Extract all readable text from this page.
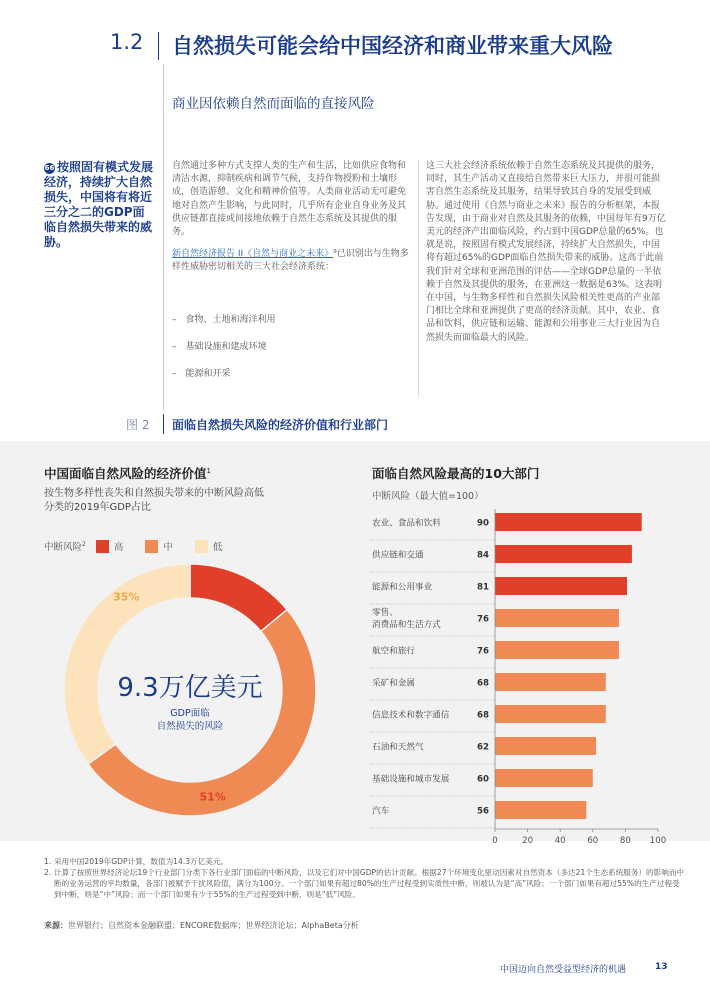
1.2 自然损失可能会给中国经济和商业带来重大风险
商业因依赖自然而面临的直接风险
66 按照固有模式发展经济，持续扩大自然损失，中国将有将近三分之二的GDP面临自然损失带来的威胁。
自然通过多种方式支撑人类的生产和生活，比如供应食物和清洁水源，抑制疾病和调节气候，支持作物授粉和土壤形成，创造游憩、文化和精神价值等。人类商业活动无可避免地对自然产生影响，与此同时，几乎所有企业自身业务及其供应链都直接或间接地依赖于自然生态系统及其提供的服务。
新自然经济报告 II《自然与商业之未来》⁹已识别出与生物多样性威胁密切相关的三大社会经济系统：
–　食物、土地和海洋利用
–　基础设施和建成环境
–　能源和开采
这三大社会经济系统依赖于自然生态系统及其提供的服务，同时，其生产活动又直接给自然带来巨大压力，并很可能损害自然生态系统及其服务，结果导致其自身的发展受到威胁。通过使用《自然与商业之未来》报告的分析框架，本报告发现，由于商业对自然及其服务的依赖，中国每年有9万亿美元的经济产出面临风险，约占到中国GDP总量的65%。也就是说，按照固有模式发展经济，持续扩大自然损失，中国将有超过65%的GDP面临自然损失带来的威胁。这高于此前我们针对全球和亚洲范围的评估——全球GDP总量的一半依赖于自然及其提供的服务，在亚洲这一数据是63%。这表明在中国，与生物多样性和自然损失风险相关性更高的产业部门相比全球和亚洲提供了更高的经济贡献。其中，农业、食品和饮料，供应链和运输、能源和公用事业三大行业因为自然损失而面临最大的风险。
图 2 面临自然损失风险的经济价值和行业部门
中国面临自然风险的经济价值$^1$
按生物多样性丧失和自然损失带来的中断风险高低分类的2019年GDP占比
中断风险$^2$	高	中	低
14%
51%
35%
9.3万亿美元
GDP面临
自然损失的风险
面临自然风险最高的10大部门
中断风险（最大值=100）
农业、食品和饮料	90
供应链和交通	84
能源和公用事业	81
零售、
消费品和生活方式
76
航空和旅行	76
采矿和金属	68
信息技术和数字通信	68
石油和天然气	62
基础设施和城市发展	60
汽车	56
0	20	40	60	80 100
1. 采用中国2019年GDP计算，数值为14.3万亿美元。
2. 计算了按照世界经济论坛19个行业部门分类下各行业部门面临的中断风险，以及它们对中国GDP的估计贡献。根据27个环境变化驱动因素对自然资本（多达21个生态系统服务）的影响而中断的业务运营的平均数量，各部门被赋予干扰风险值，满分为100分。一个部门如果有超过80%的生产过程受到实质性中断，则被认为是“高”风险；一个部门如果有超过55%的生产过程受到中断，则是“中”风险；而一个部门如果有少于55%的生产过程受到中断，则是“低”风险。
来源：世界银行；自然资本金融联盟；ENCORE数据库；世界经济论坛；AlphaBeta分析
中国迈向自然受益型经济的机遇	13
